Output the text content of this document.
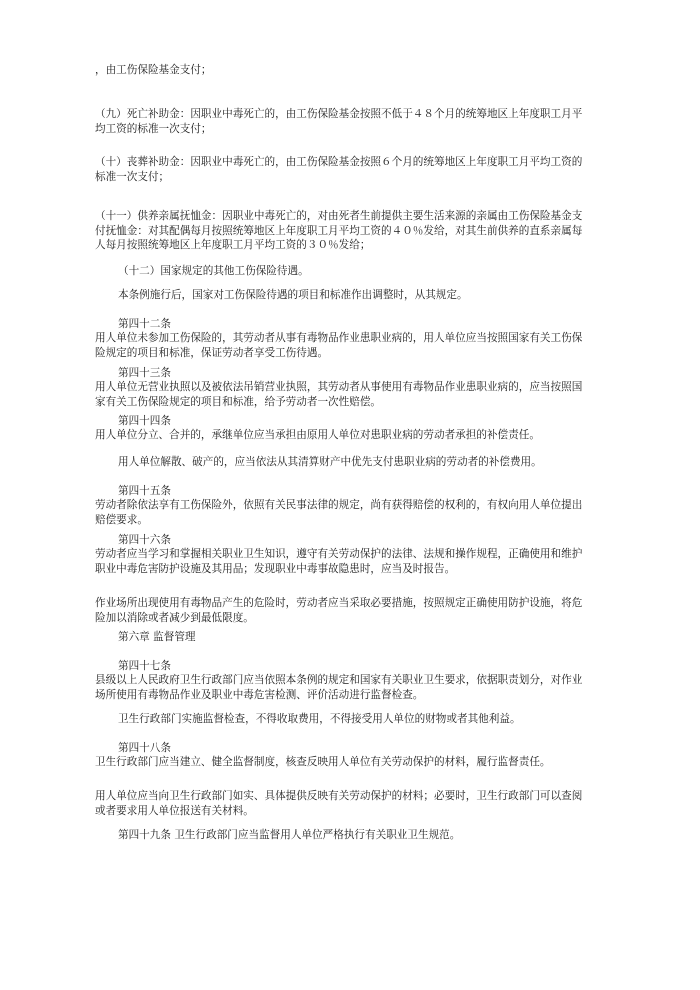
，由工伤保险基金支付；

（九）死亡补助金：因职业中毒死亡的，由工伤保险基金按照不低于４８个月的统筹地区上年度职工月平
均工资的标准一次支付；

（十）丧葬补助金：因职业中毒死亡的，由工伤保险基金按照６个月的统筹地区上年度职工月平均工资的
标准一次支付；

（十一）供养亲属抚恤金：因职业中毒死亡的，对由死者生前提供主要生活来源的亲属由工伤保险基金支
付抚恤金：对其配偶每月按照统筹地区上年度职工月平均工资的４０％发给，对其生前供养的直系亲属每
人每月按照统筹地区上年度职工月平均工资的３０％发给；

（十二）国家规定的其他工伤保险待遇。

本条例施行后，国家对工伤保险待遇的项目和标准作出调整时，从其规定。

第四十二条

用人单位未参加工伤保险的，其劳动者从事有毒物品作业患职业病的，用人单位应当按照国家有关工伤保
险规定的项目和标准，保证劳动者享受工伤待遇。

第四十三条

用人单位无营业执照以及被依法吊销营业执照，其劳动者从事使用有毒物品作业患职业病的，应当按照国
家有关工伤保险规定的项目和标准，给予劳动者一次性赔偿。

第四十四条

用人单位分立、合并的，承继单位应当承担由原用人单位对患职业病的劳动者承担的补偿责任。

用人单位解散、破产的，应当依法从其清算财产中优先支付患职业病的劳动者的补偿费用。

第四十五条

劳动者除依法享有工伤保险外，依照有关民事法律的规定，尚有获得赔偿的权利的，有权向用人单位提出
赔偿要求。

第四十六条

劳动者应当学习和掌握相关职业卫生知识，遵守有关劳动保护的法律、法规和操作规程，正确使用和维护
职业中毒危害防护设施及其用品；发现职业中毒事故隐患时，应当及时报告。

作业场所出现使用有毒物品产生的危险时，劳动者应当采取必要措施，按照规定正确使用防护设施，将危
险加以消除或者减少到最低限度。

第六章 监督管理

第四十七条

县级以上人民政府卫生行政部门应当依照本条例的规定和国家有关职业卫生要求，依据职责划分，对作业
场所使用有毒物品作业及职业中毒危害检测、评价活动进行监督检查。

卫生行政部门实施监督检查，不得收取费用，不得接受用人单位的财物或者其他利益。

第四十八条

卫生行政部门应当建立、健全监督制度，核查反映用人单位有关劳动保护的材料，履行监督责任。

用人单位应当向卫生行政部门如实、具体提供反映有关劳动保护的材料；必要时，卫生行政部门可以查阅
或者要求用人单位报送有关材料。

第四十九条 卫生行政部门应当监督用人单位严格执行有关职业卫生规范。
